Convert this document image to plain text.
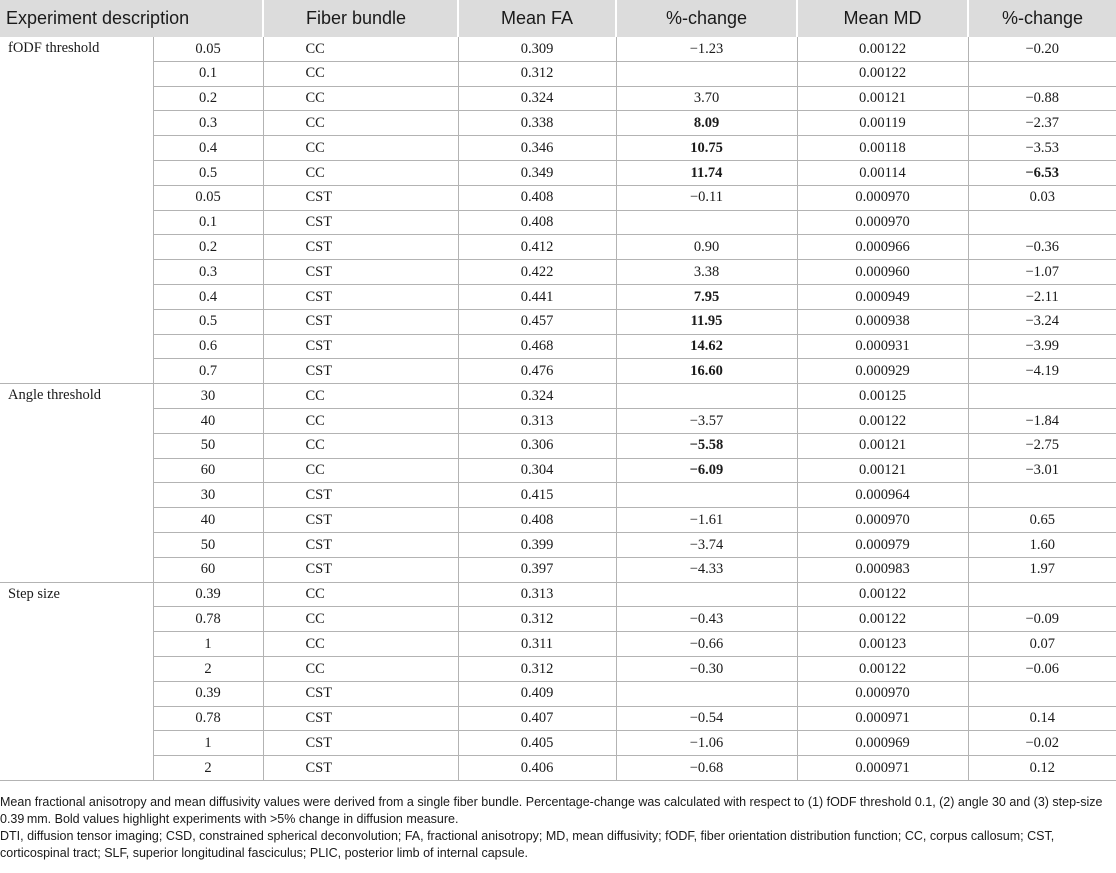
Experiment description		Fiber bundle	Mean FA	%-change	Mean MD	%-change
fODF threshold	0.05	CC	0.309	−1.23	0.00122	−0.20
	0.1	CC	0.312		0.00122	
	0.2	CC	0.324	3.70	0.00121	−0.88
	0.3	CC	0.338	8.09	0.00119	−2.37
	0.4	CC	0.346	10.75	0.00118	−3.53
	0.5	CC	0.349	11.74	0.00114	−6.53
	0.05	CST	0.408	−0.11	0.000970	0.03
	0.1	CST	0.408		0.000970	
	0.2	CST	0.412	0.90	0.000966	−0.36
	0.3	CST	0.422	3.38	0.000960	−1.07
	0.4	CST	0.441	7.95	0.000949	−2.11
	0.5	CST	0.457	11.95	0.000938	−3.24
	0.6	CST	0.468	14.62	0.000931	−3.99
	0.7	CST	0.476	16.60	0.000929	−4.19
Angle threshold	30	CC	0.324		0.00125	
	40	CC	0.313	−3.57	0.00122	−1.84
	50	CC	0.306	−5.58	0.00121	−2.75
	60	CC	0.304	−6.09	0.00121	−3.01
	30	CST	0.415		0.000964	
	40	CST	0.408	−1.61	0.000970	0.65
	50	CST	0.399	−3.74	0.000979	1.60
	60	CST	0.397	−4.33	0.000983	1.97
Step size	0.39	CC	0.313		0.00122	
	0.78	CC	0.312	−0.43	0.00122	−0.09
	1	CC	0.311	−0.66	0.00123	0.07
	2	CC	0.312	−0.30	0.00122	−0.06
	0.39	CST	0.409		0.000970	
	0.78	CST	0.407	−0.54	0.000971	0.14
	1	CST	0.405	−1.06	0.000969	−0.02
	2	CST	0.406	−0.68	0.000971	0.12

Mean fractional anisotropy and mean diffusivity values were derived from a single fiber bundle. Percentage-change was calculated with respect to (1) fODF threshold 0.1, (2) angle 30 and (3) step-size 0.39 mm. Bold values highlight experiments with >5% change in diffusion measure.

DTI, diffusion tensor imaging; CSD, constrained spherical deconvolution; FA, fractional anisotropy; MD, mean diffusivity; fODF, fiber orientation distribution function; CC, corpus callosum; CST, corticospinal tract; SLF, superior longitudinal fasciculus; PLIC, posterior limb of internal capsule.
